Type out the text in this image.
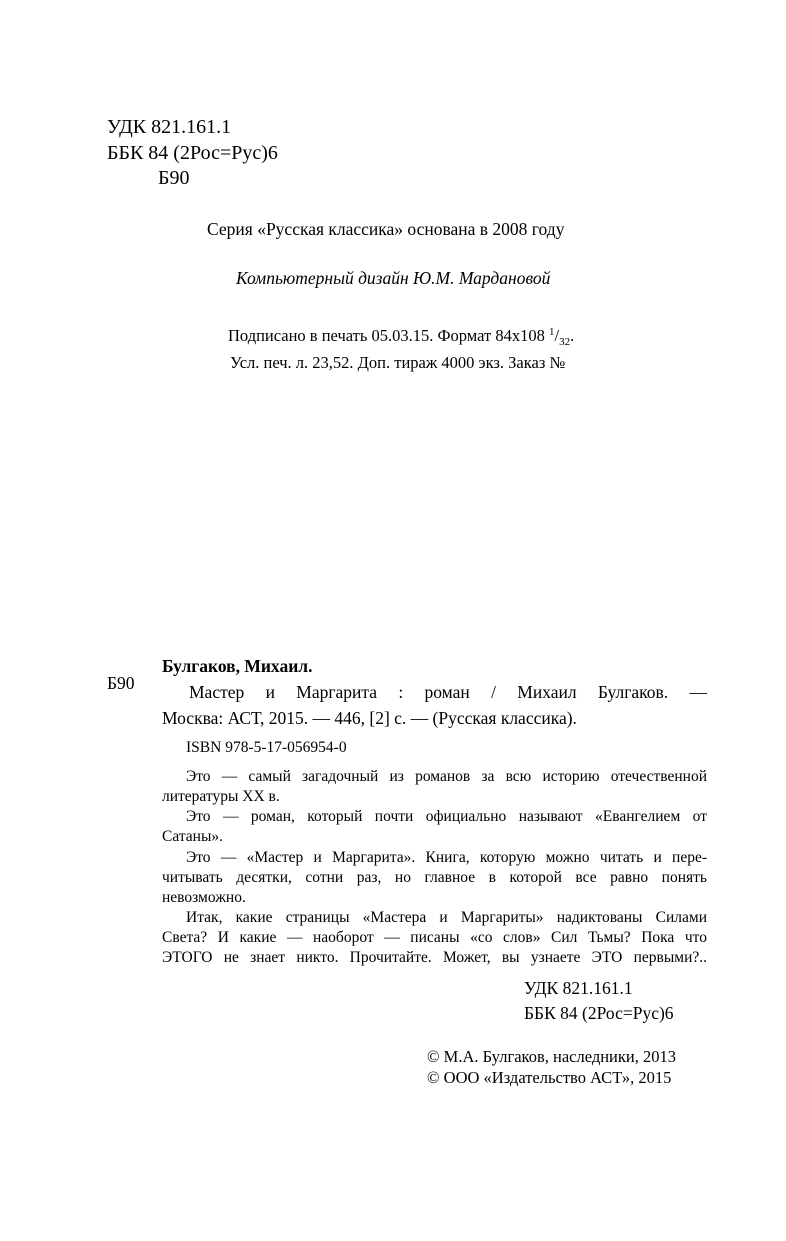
УДК 821.161.1
ББК 84 (2Рос=Рус)6
Б90
Серия «Русская классика» основана в 2008 году
Компьютерный дизайн Ю.М. Мардановой
Подписано в печать 05.03.15. Формат 84x108 $^1/_{32}$.
Усл. печ. л. 23,52. Доп. тираж 4000 экз. Заказ №
Булгаков, Михаил.
Б90	Мастер и Маргарита : роман / Михаил Булгаков. —
Москва: АСТ, 2015. — 446, [2] с. — (Русская классика).
ISBN 978-5-17-056954-0
Это — самый загадочный из романов за всю историю отечественной
литературы XX в.
Это — роман, который почти официально называют «Евангелием от
Сатаны».
Это — «Мастер и Маргарита». Книга, которую можно читать и пере-
читывать десятки, сотни раз, но главное в которой все равно понять
невозможно.
Итак, какие страницы «Мастера и Маргариты» надиктованы Силами
Света? И какие — наоборот — писаны «со слов» Сил Тьмы? Пока что
ЭТОГО не знает никто. Прочитайте. Может, вы узнаете ЭТО первыми?..
УДК 821.161.1
ББК 84 (2Рос=Рус)6
© М.А. Булгаков, наследники, 2013
© ООО «Издательство АСТ», 2015
